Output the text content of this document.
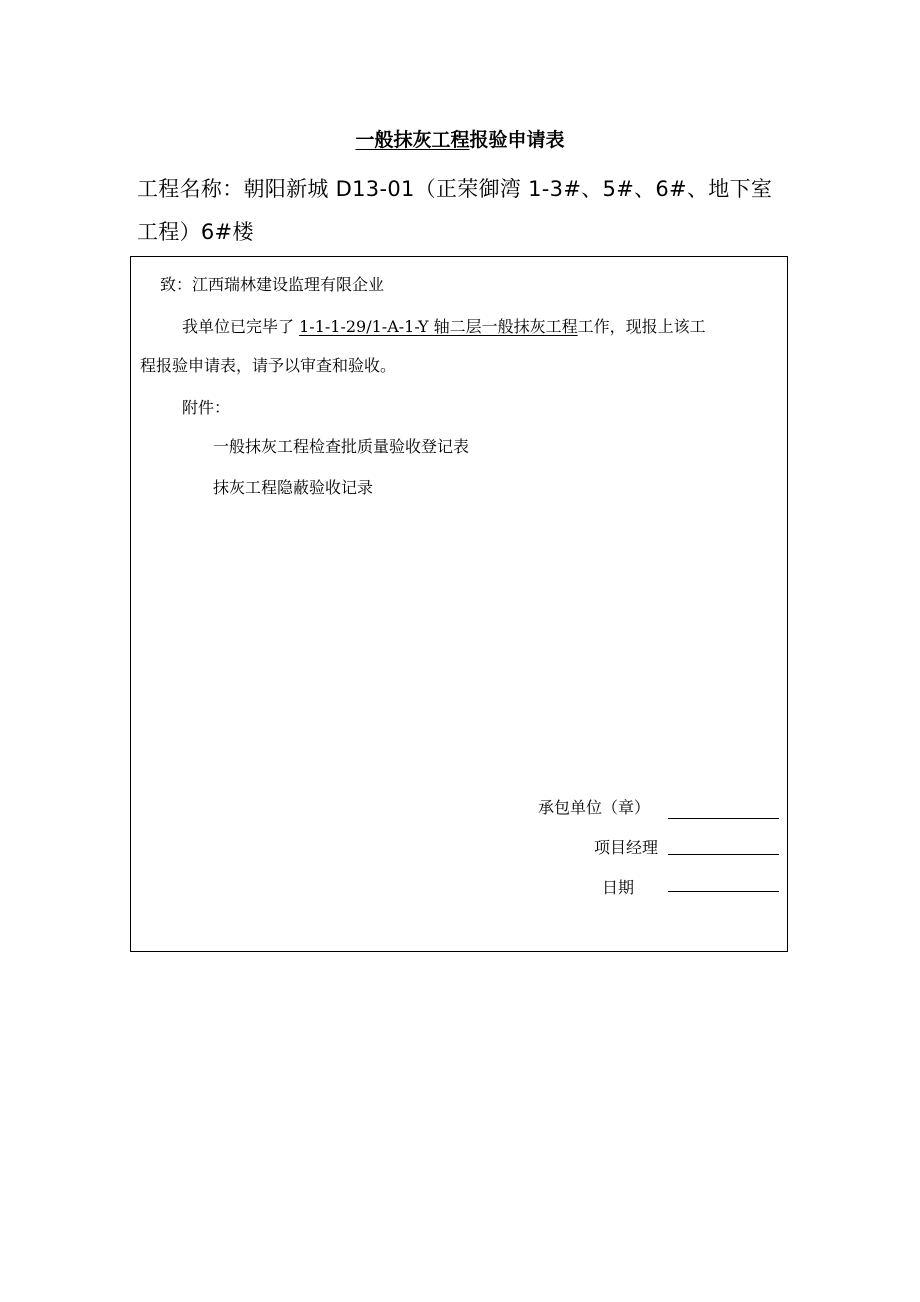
一般抹灰工程报验申请表
工程名称：朝阳新城 D13-01（正荣御湾 1-3#、5#、6#、地下室工程）6#楼
致：江西瑞林建设监理有限企业
我单位已完毕了 1-1-1-29/1-A-1-Y 轴二层一般抹灰工程工作，现报上该工
程报验申请表，请予以审查和验收。
附件：
一般抹灰工程检查批质量验收登记表
抹灰工程隐蔽验收记录
承包单位（章）
项目经理
日期
